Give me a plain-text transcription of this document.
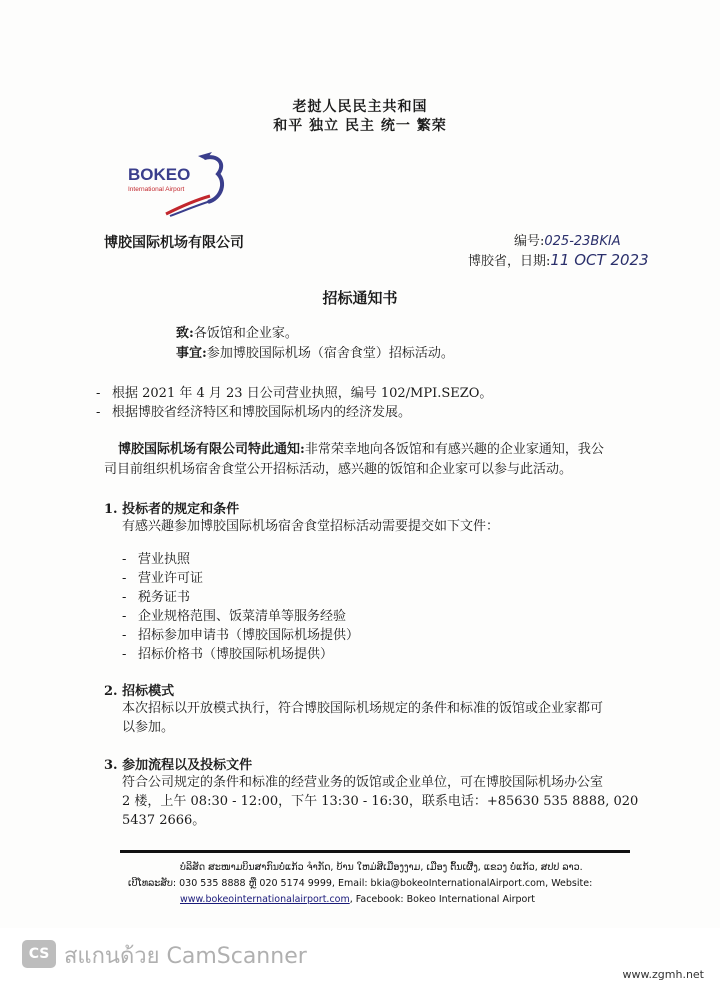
老挝人民民主共和国
和平 独立 民主 统一 繁荣
BOKEO
International Airport
博胶国际机场有限公司	编号:025-23BKIA
博胶省，日期:11 OCT 2023
招标通知书
致:各饭馆和企业家。
事宜:参加博胶国际机场（宿舍食堂）招标活动。
- 根据 2021 年 4 月 23 日公司营业执照，编号 102/MPI.SEZO。
- 根据博胶省经济特区和博胶国际机场内的经济发展。
博胶国际机场有限公司特此通知:非常荣幸地向各饭馆和有感兴趣的企业家通知，我公
司目前组织机场宿舍食堂公开招标活动，感兴趣的饭馆和企业家可以参与此活动。
1. 投标者的规定和条件
有感兴趣参加博胶国际机场宿舍食堂招标活动需要提交如下文件：
- 营业执照
- 营业许可证
- 税务证书
- 企业规格范围、饭菜清单等服务经验
- 招标参加申请书（博胶国际机场提供）
- 招标价格书（博胶国际机场提供）
2. 招标模式
本次招标以开放模式执行，符合博胶国际机场规定的条件和标准的饭馆或企业家都可
以参加。
3. 参加流程以及投标文件
符合公司规定的条件和标准的经营业务的饭馆或企业单位，可在博胶国际机场办公室
2 楼，上午 08:30 - 12:00，下午 13:30 - 16:30，联系电话：+85630 535 8888, 020
5437 2666。
ບໍລິສັດ ສະໜາມບິນສາກົນບໍ່ແກ້ວ ຈຳກັດ, ບ້ານ ໃຫມ່ສີເມືອງງາມ, ເມືອງ ຕົ້ນເຜີ້ງ, ແຂວງ ບໍ່ແກ້ວ, ສປປ ລາວ.
ເບີໂທລະສັບ: 030 535 8888 ຫຼື 020 5174 9999, Email: bkia@bokeoInternationalAirport.com, Website:
www.bokeointernationalairport.com, Facebook: Bokeo International Airport
CS สแกนด้วย CamScanner
www.zgmh.net
